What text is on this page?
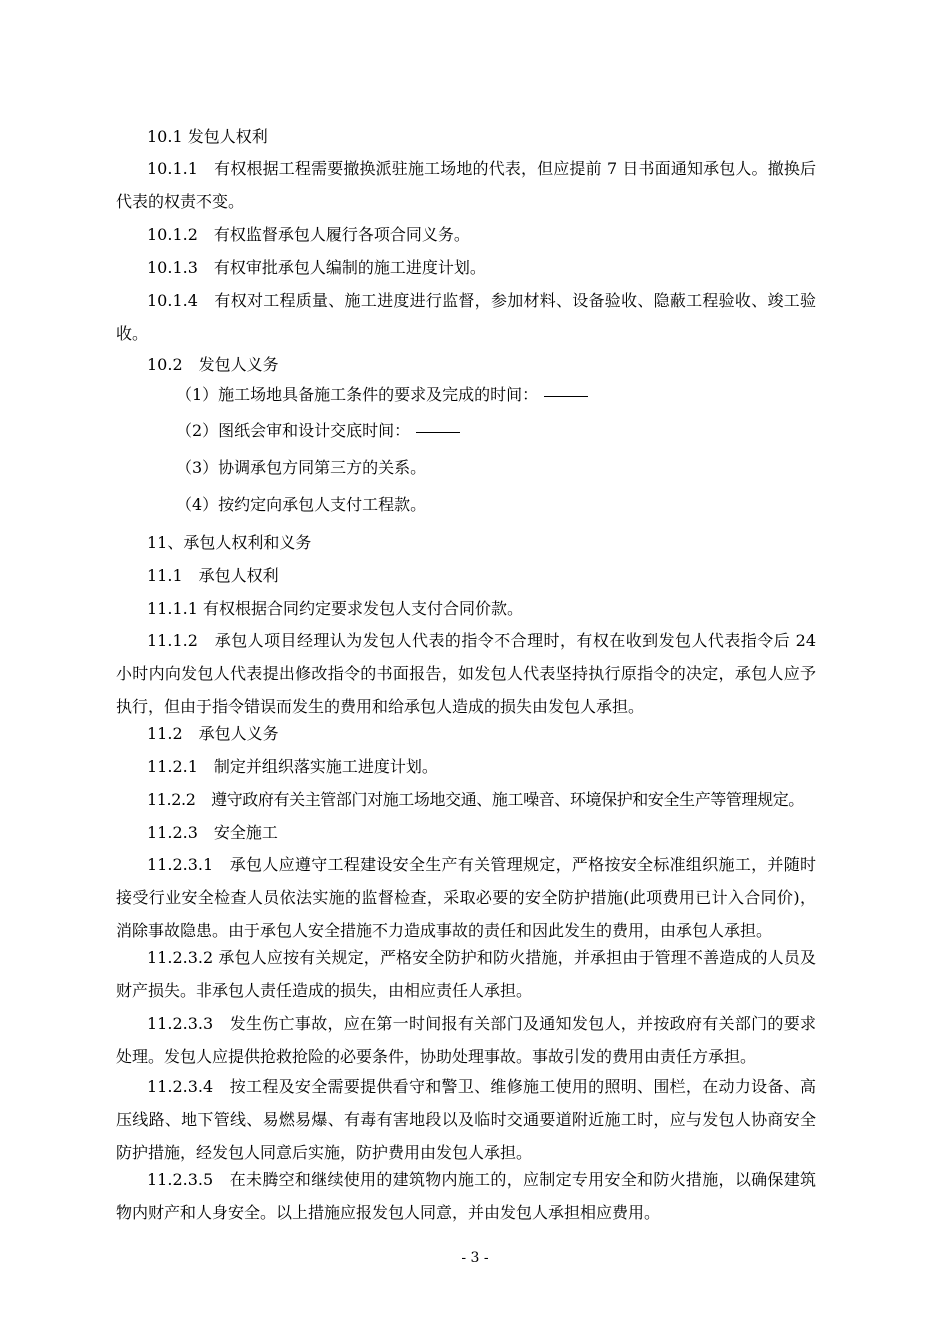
10.1 发包人权利
10.1.1　有权根据工程需要撤换派驻施工场地的代表，但应提前 7 日书面通知承包人。撤换后代表的权责不变。
10.1.2　有权监督承包人履行各项合同义务。
10.1.3　有权审批承包人编制的施工进度计划。
10.1.4　有权对工程质量、施工进度进行监督，参加材料、设备验收、隐蔽工程验收、竣工验收。
10.2　发包人义务
（1）施工场地具备施工条件的要求及完成的时间：
（2）图纸会审和设计交底时间：
（3）协调承包方同第三方的关系。
（4）按约定向承包人支付工程款。
11、承包人权利和义务
11.1　承包人权利
11.1.1 有权根据合同约定要求发包人支付合同价款。
11.1.2　承包人项目经理认为发包人代表的指令不合理时，有权在收到发包人代表指令后 24 小时内向发包人代表提出修改指令的书面报告，如发包人代表坚持执行原指令的决定，承包人应予执行，但由于指令错误而发生的费用和给承包人造成的损失由发包人承担。
11.2　承包人义务
11.2.1　制定并组织落实施工进度计划。
11.2.2　遵守政府有关主管部门对施工场地交通、施工噪音、环境保护和安全生产等管理规定。
11.2.3　安全施工
11.2.3.1　承包人应遵守工程建设安全生产有关管理规定，严格按安全标准组织施工，并随时接受行业安全检查人员依法实施的监督检查，采取必要的安全防护措施(此项费用已计入合同价)，消除事故隐患。由于承包人安全措施不力造成事故的责任和因此发生的费用，由承包人承担。
11.2.3.2 承包人应按有关规定，严格安全防护和防火措施，并承担由于管理不善造成的人员及财产损失。非承包人责任造成的损失，由相应责任人承担。
11.2.3.3　发生伤亡事故，应在第一时间报有关部门及通知发包人，并按政府有关部门的要求处理。发包人应提供抢救抢险的必要条件，协助处理事故。事故引发的费用由责任方承担。
11.2.3.4　按工程及安全需要提供看守和警卫、维修施工使用的照明、围栏，在动力设备、高压线路、地下管线、易燃易爆、有毒有害地段以及临时交通要道附近施工时，应与发包人协商安全防护措施，经发包人同意后实施，防护费用由发包人承担。
11.2.3.5　在未腾空和继续使用的建筑物内施工的，应制定专用安全和防火措施，以确保建筑物内财产和人身安全。以上措施应报发包人同意，并由发包人承担相应费用。
- 3 -
